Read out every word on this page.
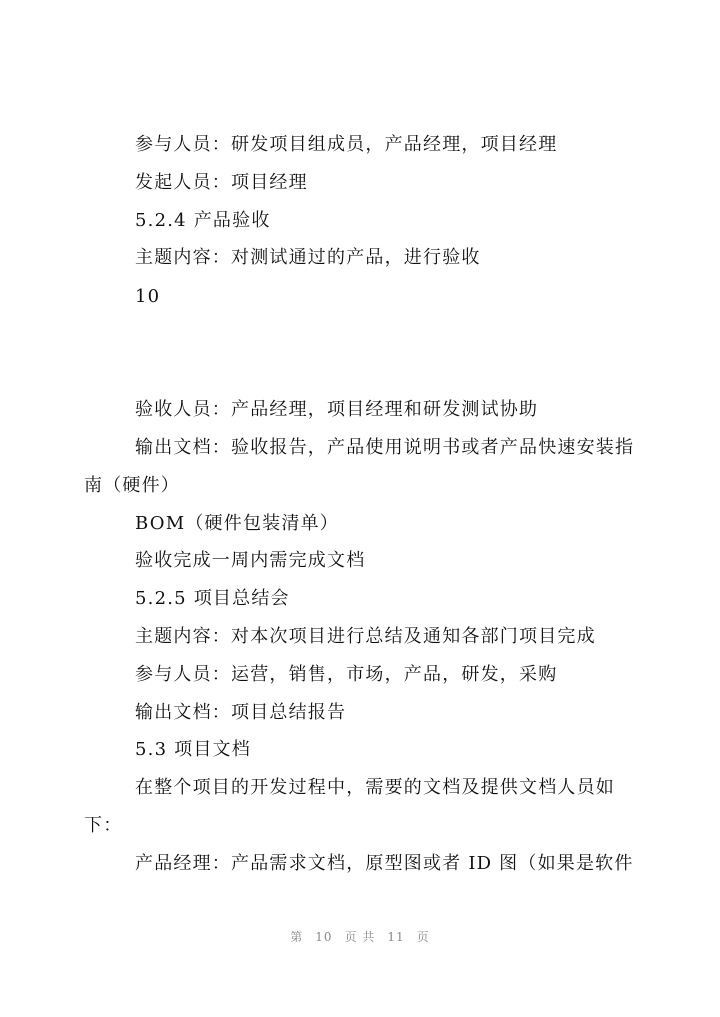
参与人员：研发项目组成员，产品经理，项目经理
发起人员：项目经理
5.2.4 产品验收
主题内容：对测试通过的产品，进行验收
10
验收人员：产品经理，项目经理和研发测试协助
输出文档：验收报告，产品使用说明书或者产品快速安装指
南（硬件）
BOM（硬件包装清单）
验收完成一周内需完成文档
5.2.5 项目总结会
主题内容：对本次项目进行总结及通知各部门项目完成
参与人员：运营，销售，市场，产品，研发，采购
输出文档：项目总结报告
5.3 项目文档
在整个项目的开发过程中，需要的文档及提供文档人员如
下：
产品经理：产品需求文档，原型图或者 ID 图（如果是软件
第 10 页 共 11 页
